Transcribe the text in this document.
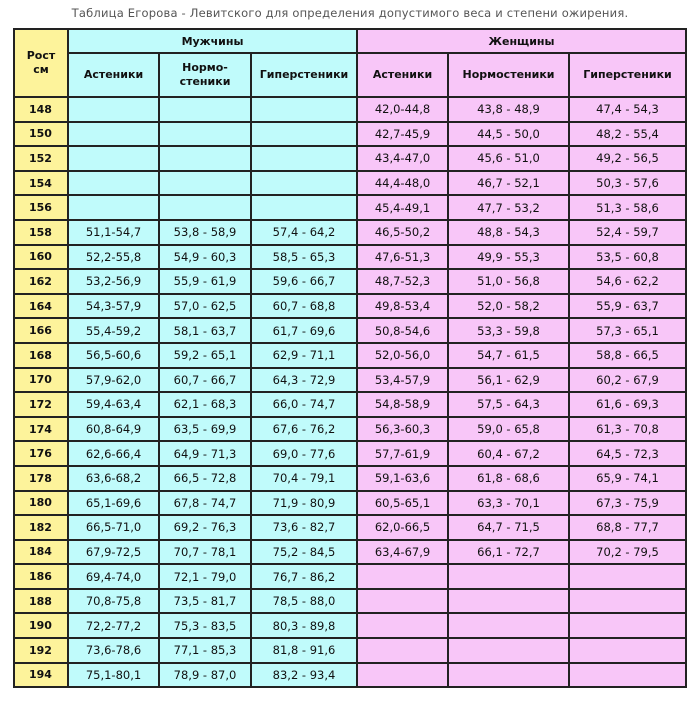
Таблица Егорова - Левитского для определения допустимого веса и степени ожирения.
Рост
см	Мужчины			Женщины		
	Астеники	Нормо-
стеники	Гиперстеники	Астеники	Нормостеники	Гиперстеники
148				42,0-44,8	43,8 - 48,9	47,4 - 54,3
150				42,7-45,9	44,5 - 50,0	48,2 - 55,4
152				43,4-47,0	45,6 - 51,0	49,2 - 56,5
154				44,4-48,0	46,7 - 52,1	50,3 - 57,6
156				45,4-49,1	47,7 - 53,2	51,3 - 58,6
158	51,1-54,7	53,8 - 58,9	57,4 - 64,2	46,5-50,2	48,8 - 54,3	52,4 - 59,7
160	52,2-55,8	54,9 - 60,3	58,5 - 65,3	47,6-51,3	49,9 - 55,3	53,5 - 60,8
162	53,2-56,9	55,9 - 61,9	59,6 - 66,7	48,7-52,3	51,0 - 56,8	54,6 - 62,2
164	54,3-57,9	57,0 - 62,5	60,7 - 68,8	49,8-53,4	52,0 - 58,2	55,9 - 63,7
166	55,4-59,2	58,1 - 63,7	61,7 - 69,6	50,8-54,6	53,3 - 59,8	57,3 - 65,1
168	56,5-60,6	59,2 - 65,1	62,9 - 71,1	52,0-56,0	54,7 - 61,5	58,8 - 66,5
170	57,9-62,0	60,7 - 66,7	64,3 - 72,9	53,4-57,9	56,1 - 62,9	60,2 - 67,9
172	59,4-63,4	62,1 - 68,3	66,0 - 74,7	54,8-58,9	57,5 - 64,3	61,6 - 69,3
174	60,8-64,9	63,5 - 69,9	67,6 - 76,2	56,3-60,3	59,0 - 65,8	61,3 - 70,8
176	62,6-66,4	64,9 - 71,3	69,0 - 77,6	57,7-61,9	60,4 - 67,2	64,5 - 72,3
178	63,6-68,2	66,5 - 72,8	70,4 - 79,1	59,1-63,6	61,8 - 68,6	65,9 - 74,1
180	65,1-69,6	67,8 - 74,7	71,9 - 80,9	60,5-65,1	63,3 - 70,1	67,3 - 75,9
182	66,5-71,0	69,2 - 76,3	73,6 - 82,7	62,0-66,5	64,7 - 71,5	68,8 - 77,7
184	67,9-72,5	70,7 - 78,1	75,2 - 84,5	63,4-67,9	66,1 - 72,7	70,2 - 79,5
186	69,4-74,0	72,1 - 79,0	76,7 - 86,2			
188	70,8-75,8	73,5 - 81,7	78,5 - 88,0			
190	72,2-77,2	75,3 - 83,5	80,3 - 89,8			
192	73,6-78,6	77,1 - 85,3	81,8 - 91,6			
194	75,1-80,1	78,9 - 87,0	83,2 - 93,4			
